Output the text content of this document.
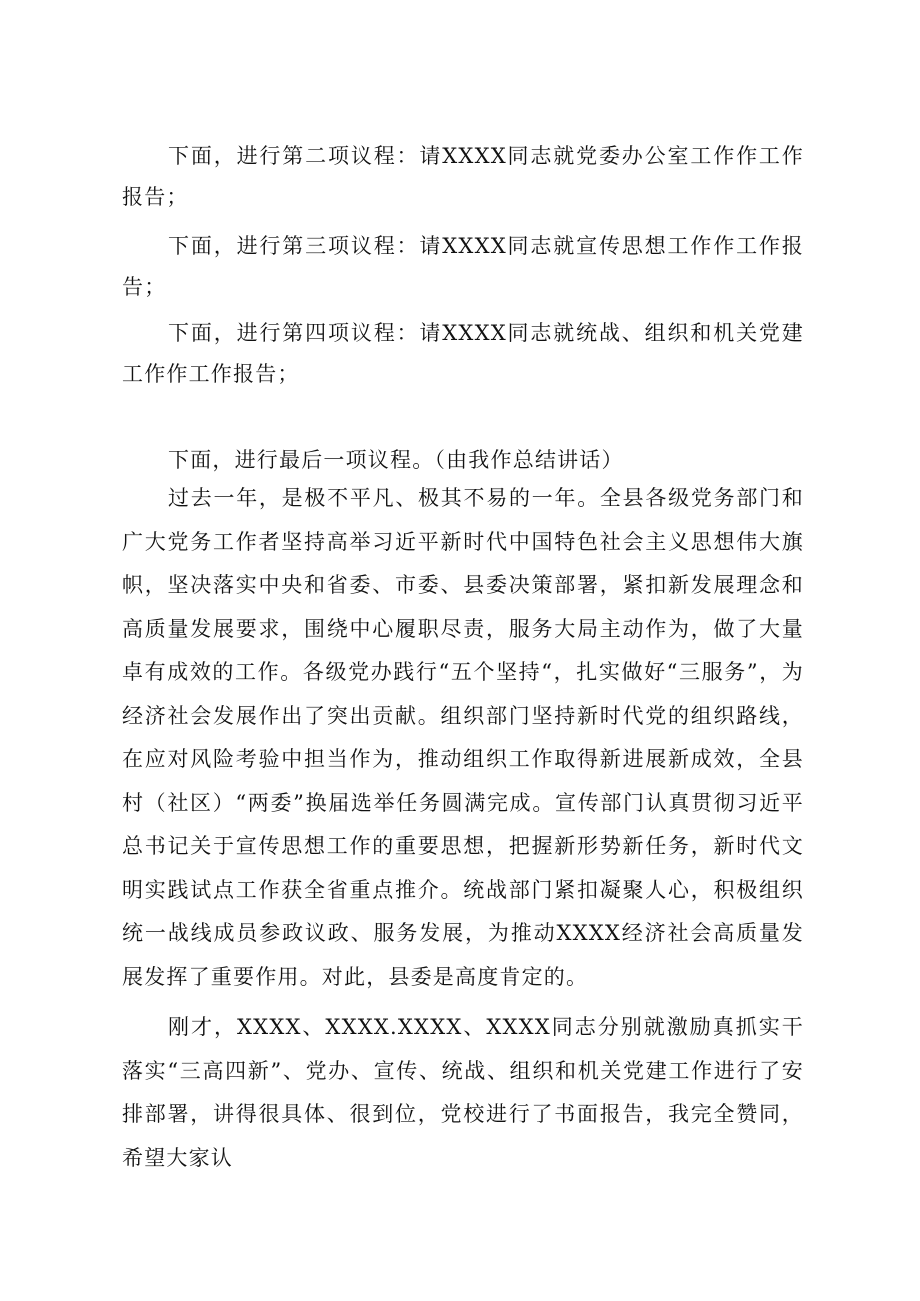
下面，进行第二项议程：请XXXX同志就党委办公室工作作工作报告；

下面，进行第三项议程：请XXXX同志就宣传思想工作作工作报告；

下面，进行第四项议程：请XXXX同志就统战、组织和机关党建工作作工作报告；

下面，进行最后一项议程。（由我作总结讲话）

过去一年，是极不平凡、极其不易的一年。全县各级党务部门和广大党务工作者坚持高举习近平新时代中国特色社会主义思想伟大旗帜，坚决落实中央和省委、市委、县委决策部署，紧扣新发展理念和高质量发展要求，围绕中心履职尽责，服务大局主动作为，做了大量卓有成效的工作。各级党办践行“五个坚持“，扎实做好“三服务”，为经济社会发展作出了突出贡献。组织部门坚持新时代党的组织路线，在应对风险考验中担当作为，推动组织工作取得新进展新成效，全县村（社区）“两委”换届选举任务圆满完成。宣传部门认真贯彻习近平总书记关于宣传思想工作的重要思想，把握新形势新任务，新时代文明实践试点工作获全省重点推介。统战部门紧扣凝聚人心，积极组织统一战线成员参政议政、服务发展，为推动XXXX经济社会高质量发展发挥了重要作用。对此，县委是高度肯定的。

刚才，XXXX、XXXX.XXXX、XXXX同志分别就激励真抓实干落实“三高四新”、党办、宣传、统战、组织和机关党建工作进行了安排部署，讲得很具体、很到位，党校进行了书面报告，我完全赞同，希望大家认
